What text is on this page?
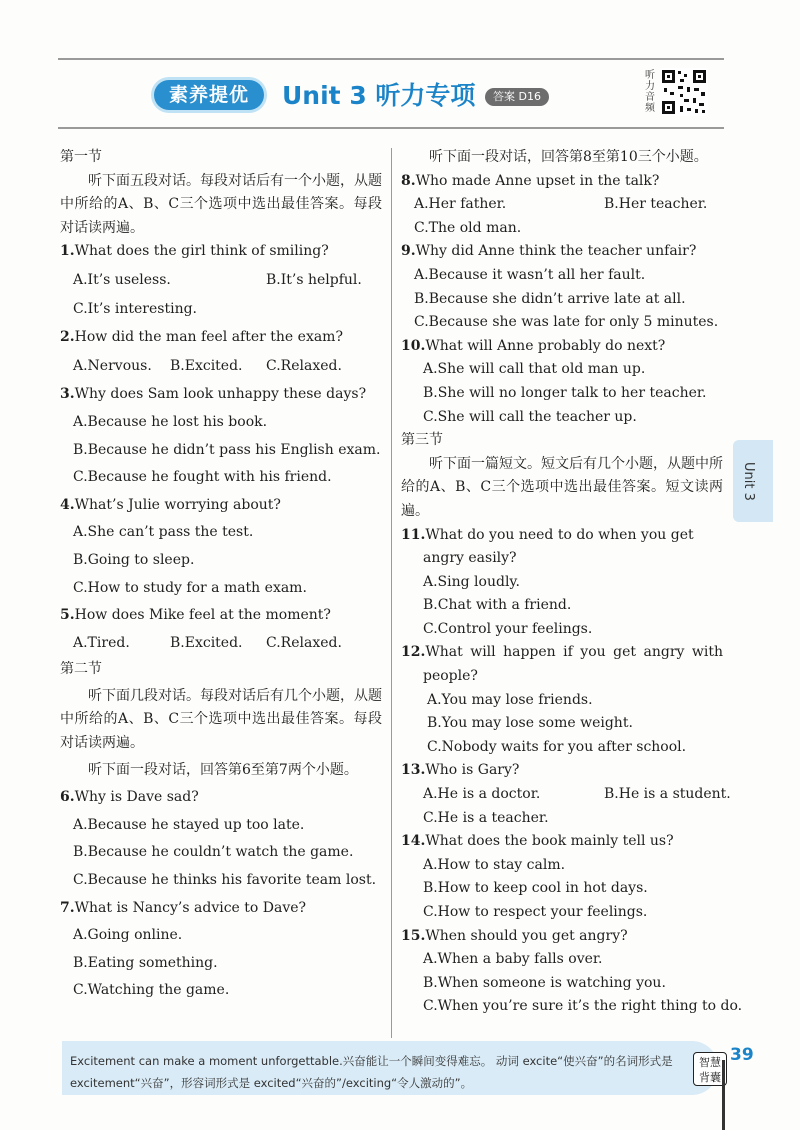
素养提优	Unit 3 听力专项	答案 D16
听力音频
第一节
听下面五段对话。每段对话后有一个小题，从题中所给的A、B、C三个选项中选出最佳答案。每段对话读两遍。
1.What does the girl think of smiling?
A.It’s useless.	B.It’s helpful.
C.It’s interesting.
2.How did the man feel after the exam?
A.Nervous.	B.Excited.	C.Relaxed.
3.Why does Sam look unhappy these days?
A.Because he lost his book.
B.Because he didn’t pass his English exam.
C.Because he fought with his friend.
4.What’s Julie worrying about?
A.She can’t pass the test.
B.Going to sleep.
C.How to study for a math exam.
5.How does Mike feel at the moment?
A.Tired.	B.Excited.	C.Relaxed.
第二节
听下面几段对话。每段对话后有几个小题，从题中所给的A、B、C三个选项中选出最佳答案。每段对话读两遍。
听下面一段对话，回答第6至第7两个小题。
6.Why is Dave sad?
A.Because he stayed up too late.
B.Because he couldn’t watch the game.
C.Because he thinks his favorite team lost.
7.What is Nancy’s advice to Dave?
A.Going online.
B.Eating something.
C.Watching the game.
听下面一段对话，回答第8至第10三个小题。
8.Who made Anne upset in the talk?
A.Her father.	B.Her teacher.
C.The old man.
9.Why did Anne think the teacher unfair?
A.Because it wasn’t all her fault.
B.Because she didn’t arrive late at all.
C.Because she was late for only 5 minutes.
10.What will Anne probably do next?
A.She will call that old man up.
B.She will no longer talk to her teacher.
C.She will call the teacher up.
第三节
听下面一篇短文。短文后有几个小题，从题中所给的A、B、C三个选项中选出最佳答案。短文读两遍。
11.What do you need to do when you get angry easily?
A.Sing loudly.
B.Chat with a friend.
C.Control your feelings.
12.What will happen if you get angry with people?
A.You may lose friends.
B.You may lose some weight.
C.Nobody waits for you after school.
13.Who is Gary?
A.He is a doctor.	B.He is a student.
C.He is a teacher.
14.What does the book mainly tell us?
A.How to stay calm.
B.How to keep cool in hot days.
C.How to respect your feelings.
15.When should you get angry?
A.When a baby falls over.
B.When someone is watching you.
C.When you’re sure it’s the right thing to do.
Unit 3
Excitement can make a moment unforgettable.兴奋能让一个瞬间变得难忘。 动词 excite“使兴奋”的名词形式是 excitement“兴奋”，形容词形式是 excited“兴奋的”/exciting“令人激动的”。
智慧背囊
39
